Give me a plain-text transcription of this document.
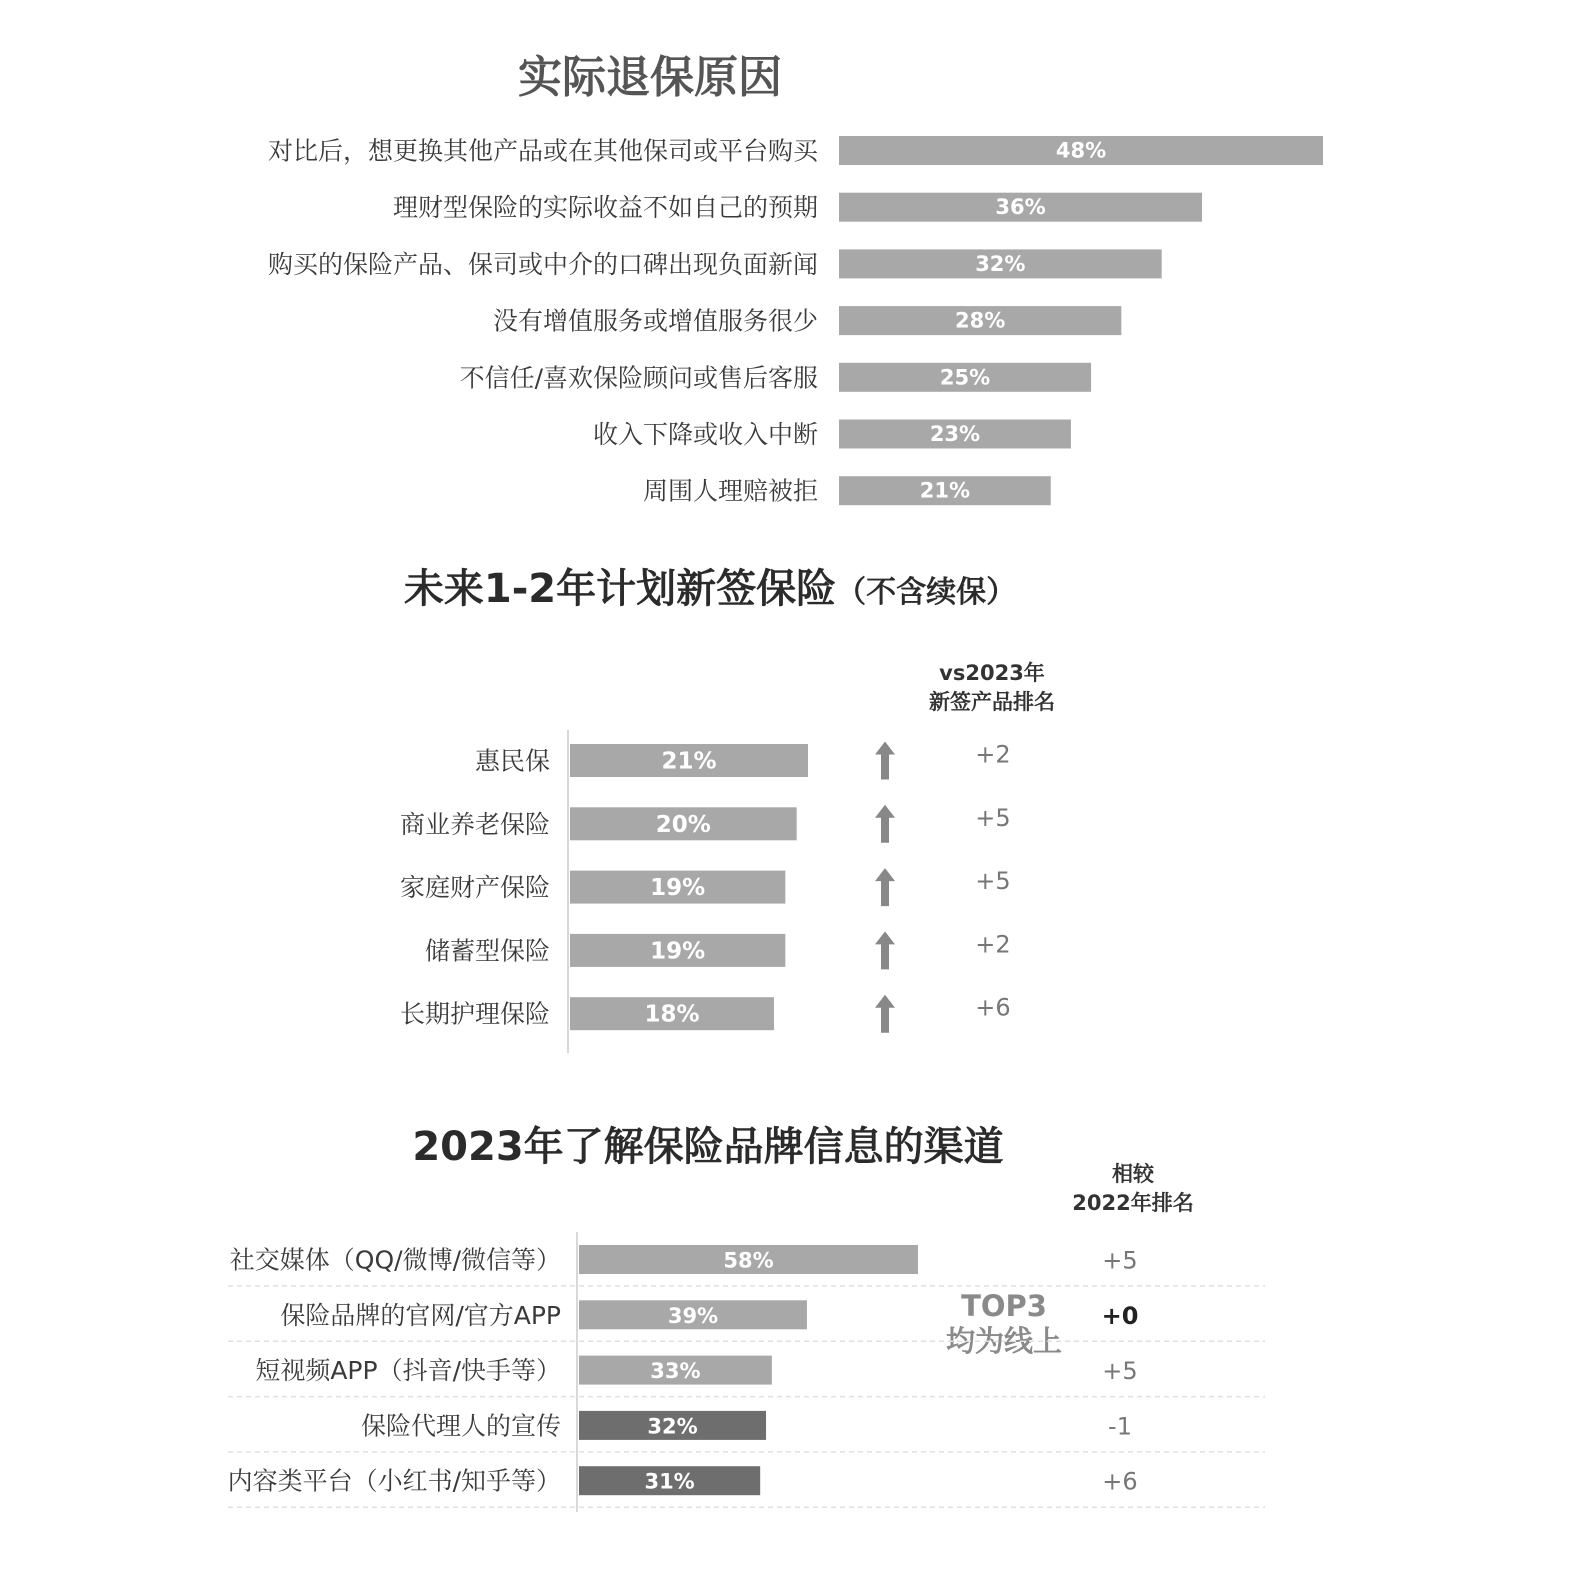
实际退保原因
对比后，想更换其他产品或在其他保司或平台购买	48%
理财型保险的实际收益不如自己的预期	36%
购买的保险产品、保司或中介的口碑出现负面新闻	32%
没有增值服务或增值服务很少	28%
不信任/喜欢保险顾问或售后客服	25%
收入下降或收入中断	23%
周围人理赔被拒	21%
未来1-2年计划新签保险（不含续保）
vs2023年
新签产品排名
惠民保	21%	+2
商业养老保险	20%	+5
家庭财产保险	19%	+5
储蓄型保险	19%	+2
长期护理保险	18%	+6
2023年了解保险品牌信息的渠道
相较
2022年排名
TOP3
均为线上
社交媒体（QQ/微博/微信等）	58%	+5
保险品牌的官网/官方APP	39%	+0
短视频APP（抖音/快手等）	33%	+5
保险代理人的宣传	32%	-1
内容类平台（小红书/知乎等）	31%	+6
